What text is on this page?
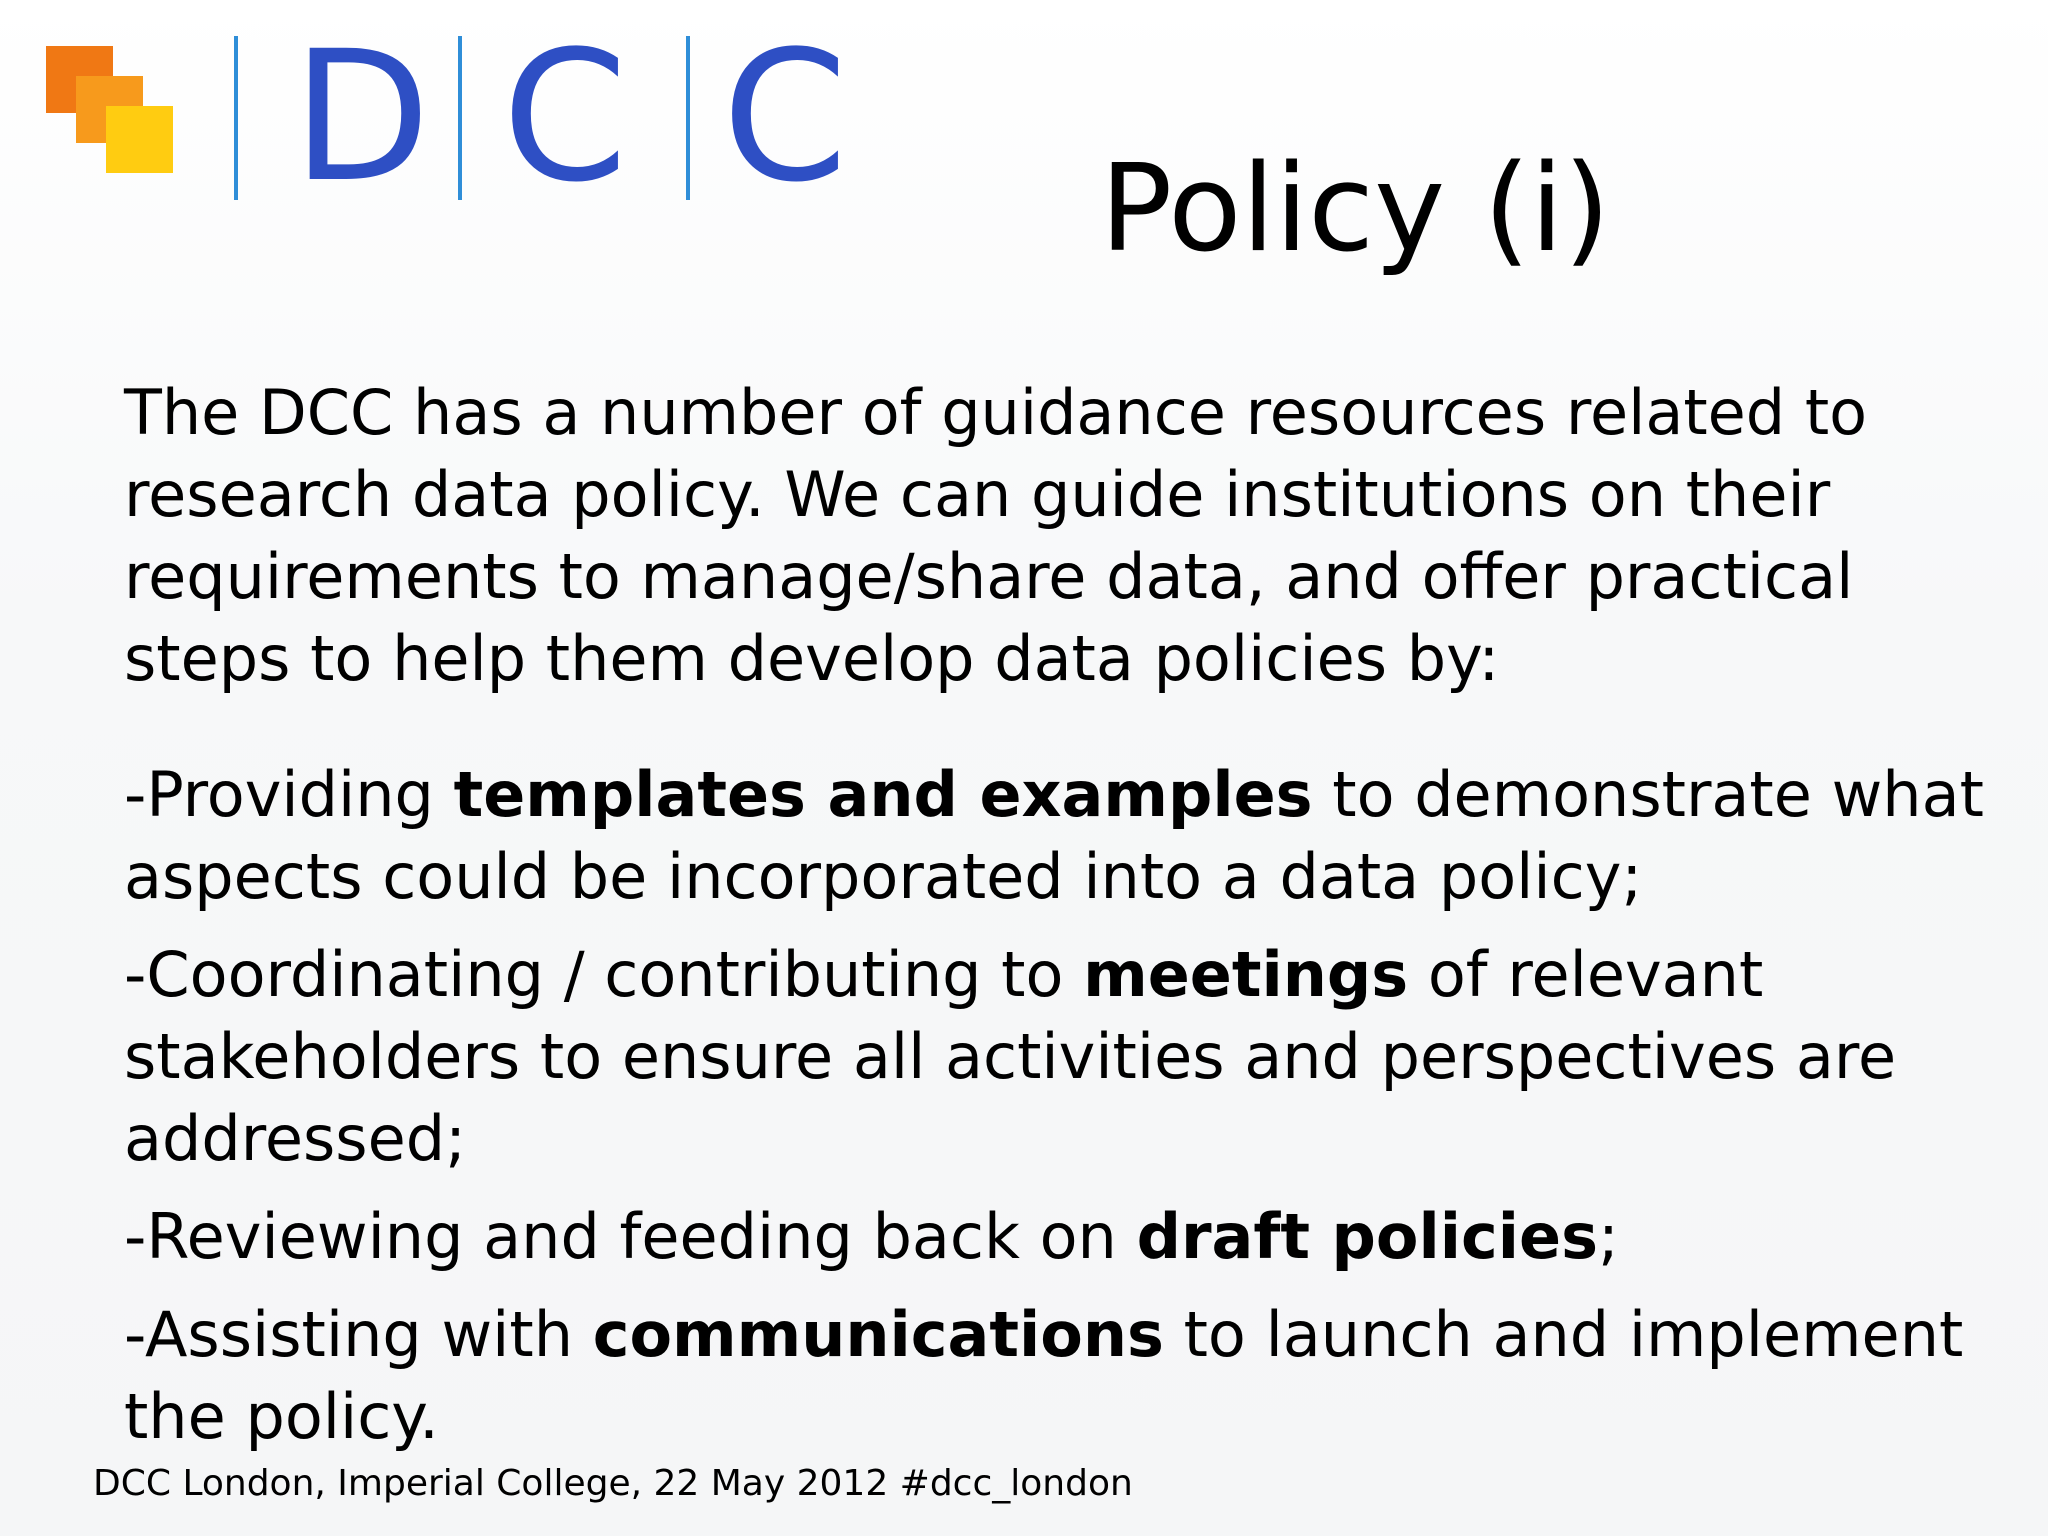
D C C Policy (i)

The DCC has a number of guidance resources related to research data policy. We can guide institutions on their requirements to manage/share data, and offer practical steps to help them develop data policies by:

-Providing templates and examples to demonstrate what aspects could be incorporated into a data policy;

-Coordinating / contributing to meetings of relevant stakeholders to ensure all activities and perspectives are addressed;

-Reviewing and feeding back on draft policies;

-Assisting with communications to launch and implement the policy.

DCC London, Imperial College, 22 May 2012 #dcc_london
